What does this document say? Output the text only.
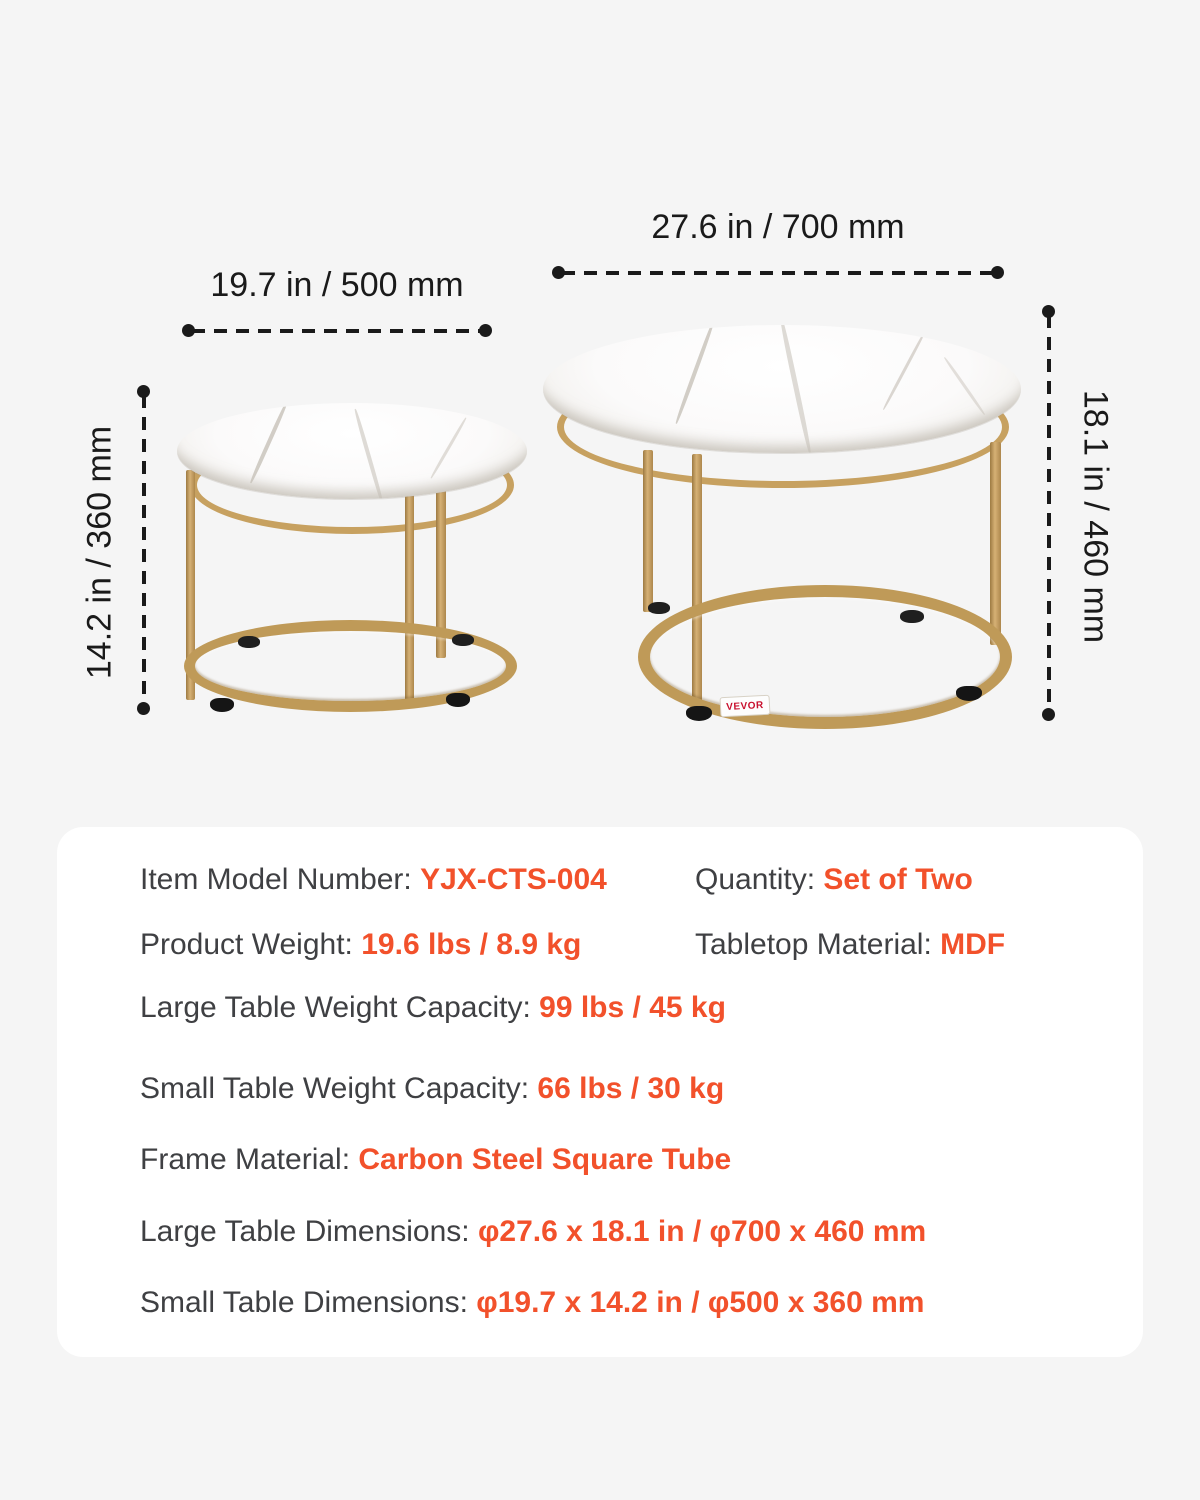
27.6 in / 700 mm
19.7 in / 500 mm
14.2 in / 360 mm	18.1 in / 460 mm
VEVOR
Item Model Number: YJX-CTS-004	Quantity: Set of Two
Product Weight: 19.6 lbs / 8.9 kg	Tabletop Material: MDF
Large Table Weight Capacity: 99 lbs / 45 kg
Small Table Weight Capacity: 66 lbs / 30 kg
Frame Material: Carbon Steel Square Tube
Large Table Dimensions: φ27.6 x 18.1 in / φ700 x 460 mm
Small Table Dimensions: φ19.7 x 14.2 in / φ500 x 360 mm
